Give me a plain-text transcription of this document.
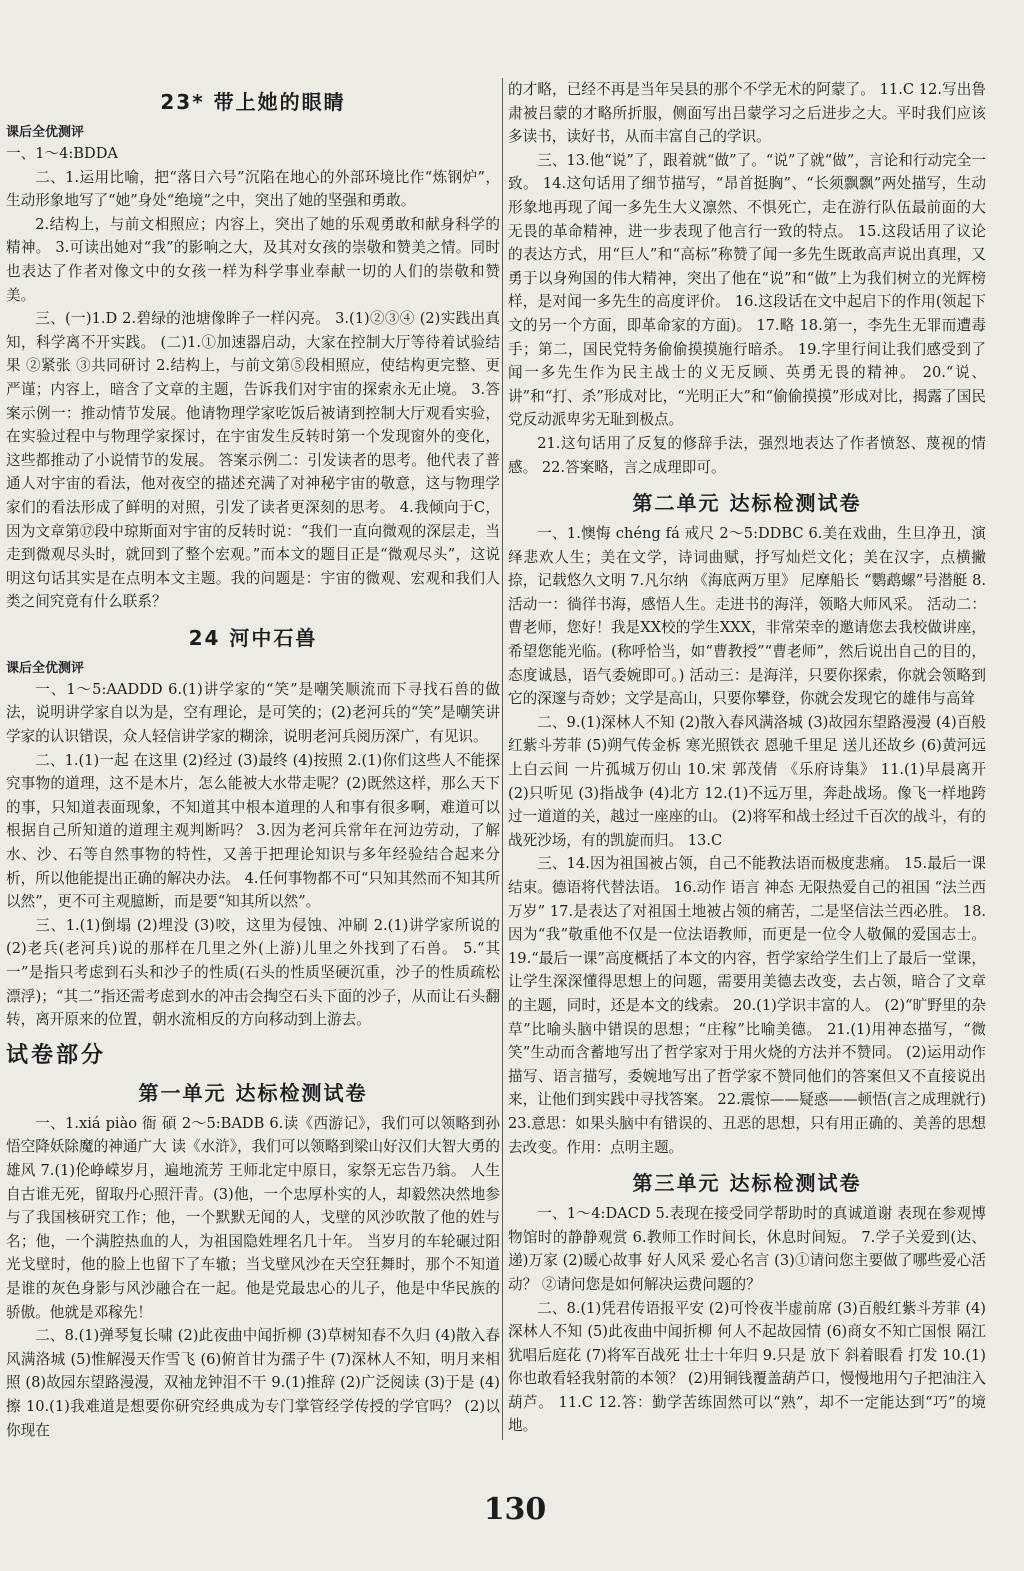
23* 带上她的眼睛
课后全优测评

一、1～4:BDDA

二、1.运用比喻，把“落日六号”沉陷在地心的外部环境比作“炼钢炉”，生动形象地写了“她”身处“绝境”之中，突出了她的坚强和勇敢。

2.结构上，与前文相照应；内容上，突出了她的乐观勇敢和献身科学的精神。 3.可读出她对“我”的影响之大，及其对女孩的崇敬和赞美之情。同时也表达了作者对像文中的女孩一样为科学事业奉献一切的人们的崇敬和赞美。

三、(一)1.D 2.碧绿的池塘像眸子一样闪亮。 3.(1)②③④ (2)实践出真知，科学离不开实践。 (二)1.①加速器启动，大家在控制大厅等待着试验结果 ②紧张 ③共同研讨 2.结构上，与前文第⑤段相照应，使结构更完整、更严谨；内容上，暗含了文章的主题，告诉我们对宇宙的探索永无止境。 3.答案示例一：推动情节发展。他请物理学家吃饭后被请到控制大厅观看实验，在实验过程中与物理学家探讨，在宇宙发生反转时第一个发现窗外的变化，这些都推动了小说情节的发展。 答案示例二：引发读者的思考。他代表了普通人对宇宙的看法，他对夜空的描述充满了对神秘宇宙的敬意，这与物理学家们的看法形成了鲜明的对照，引发了读者更深刻的思考。 4.我倾向于C，因为文章第⑰段中琼斯面对宇宙的反转时说：“我们一直向微观的深层走，当走到微观尽头时，就回到了整个宏观。”而本文的题目正是“微观尽头”，这说明这句话其实是在点明本文主题。我的问题是：宇宙的微观、宏观和我们人类之间究竟有什么联系？

24 河中石兽
课后全优测评

一、1～5:AADDD 6.(1)讲学家的“笑”是嘲笑顺流而下寻找石兽的做法，说明讲学家自以为是，空有理论，是可笑的；(2)老河兵的“笑”是嘲笑讲学家的认识错误，众人轻信讲学家的糊涂，说明老河兵阅历深广，有见识。

二、1.(1)一起 在这里 (2)经过 (3)最终 (4)按照 2.(1)你们这些人不能探究事物的道理，这不是木片，怎么能被大水带走呢？(2)既然这样，那么天下的事，只知道表面现象，不知道其中根本道理的人和事有很多啊，难道可以根据自己所知道的道理主观判断吗？ 3.因为老河兵常年在河边劳动，了解水、沙、石等自然事物的特性，又善于把理论知识与多年经验结合起来分析，所以他能提出正确的解决办法。 4.任何事物都不可“只知其然而不知其所以然”，更不可主观臆断，而是要“知其所以然”。

三、1.(1)倒塌 (2)埋没 (3)咬，这里为侵蚀、冲刷 2.(1)讲学家所说的 (2)老兵(老河兵)说的那样在几里之外(上游)儿里之外找到了石兽。 5.“其一”是指只考虑到石头和沙子的性质(石头的性质坚硬沉重，沙子的性质疏松漂浮)；“其二”指还需考虑到水的冲击会掏空石头下面的沙子，从而让石头翻转，离开原来的位置，朝水流相反的方向移动到上游去。

试卷部分
第一单元 达标检测试卷

一、1.xiá piào 衙 碩 2～5:BADB 6.读《西游记》，我们可以领略到孙悟空降妖除魔的神通广大 读《水浒》，我们可以领略到梁山好汉们大智大勇的雄风 7.(1)伦峥嵘岁月，遍地流芳 王师北定中原日，家祭无忘告乃翁。 人生自古谁无死，留取丹心照汗青。(3)他，一个忠厚朴实的人，却毅然决然地参与了我国核研究工作；他，一个默默无闻的人，戈壁的风沙吹散了他的姓与名；他，一个满腔热血的人，为祖国隐姓埋名几十年。 当岁月的车轮碾过阳光戈壁时，他的脸上也留下了车辙；当戈壁风沙在天空狂舞时，那个不知道是谁的灰色身影与风沙融合在一起。他是党最忠心的儿子，他是中华民族的骄傲。他就是邓稼先！

二、8.(1)弹琴复长啸 (2)此夜曲中闻折柳 (3)草树知春不久归 (4)散入春风满洛城 (5)惟解漫天作雪飞 (6)俯首甘为孺子牛 (7)深林人不知，明月来相照 (8)故园东望路漫漫，双袖龙钟泪不干 9.(1)推辞 (2)广泛阅读 (3)于是 (4)擦 10.(1)我难道是想要你研究经典成为专门掌管经学传授的学官吗？ (2)以你现在

的才略，已经不再是当年吴县的那个不学无术的阿蒙了。 11.C 12.写出鲁肃被吕蒙的才略所折服，侧面写出吕蒙学习之后进步之大。平时我们应该多读书，读好书，从而丰富自己的学识。

三、13.他“说”了，跟着就“做”了。“说”了就“做”，言论和行动完全一致。 14.这句话用了细节描写，“昂首挺胸”、“长须飘飘”两处描写，生动形象地再现了闻一多先生大义凛然、不惧死亡，走在游行队伍最前面的大无畏的革命精神，进一步表现了他言行一致的特点。 15.这段话用了议论的表达方式，用“巨人”和“高标”称赞了闻一多先生既敢高声说出真理，又勇于以身殉国的伟大精神，突出了他在“说”和“做”上为我们树立的光辉榜样，是对闻一多先生的高度评价。 16.这段话在文中起启下的作用(领起下文的另一个方面，即革命家的方面)。 17.略 18.第一，李先生无罪而遭毒手；第二，国民党特务偷偷摸摸施行暗杀。 19.字里行间让我们感受到了闻一多先生作为民主战士的义无反顾、英勇无畏的精神。 20.“说、讲”和“打、杀”形成对比，“光明正大”和“偷偷摸摸”形成对比，揭露了国民党反动派卑劣无耻到极点。

21.这句话用了反复的修辞手法，强烈地表达了作者愤怒、蔑视的情感。 22.答案略，言之成理即可。

第二单元 达标检测试卷

一、1.懊悔 chéng fá 戒尺 2～5:DDBC 6.美在戏曲，生旦净丑，演绎悲欢人生；美在文学，诗词曲赋，抒写灿烂文化；美在汉字，点横撇捺，记载悠久文明 7.凡尔纳 《海底两万里》 尼摩船长 “鹦鹉螺”号潜艇 8.活动一：徜徉书海，感悟人生。走进书的海洋，领略大师风采。 活动二：曹老师，您好！我是XX校的学生XXX，非常荣幸的邀请您去我校做讲座，希望您能光临。(称呼恰当，如“曹教授”“曹老师”，然后说出自己的目的，态度诚恳，语气委婉即可。) 活动三：是海洋，只要你探索，你就会领略到它的深邃与奇妙；文学是高山，只要你攀登，你就会发现它的雄伟与高耸

二、9.(1)深林人不知 (2)散入春风满洛城 (3)故园东望路漫漫 (4)百般红紫斗芳菲 (5)朔气传金柝 寒光照铁衣 恩驰千里足 送儿还故乡 (6)黄河远上白云间 一片孤城万仞山 10.宋 郭茂倩 《乐府诗集》 11.(1)早晨离开 (2)只听见 (3)指战争 (4)北方 12.(1)不远万里，奔赴战场。像飞一样地跨过一道道的关，越过一座座的山。 (2)将军和战士经过千百次的战斗，有的战死沙场，有的凯旋而归。 13.C

三、14.因为祖国被占领，自己不能教法语而极度悲痛。 15.最后一课结束。德语将代替法语。 16.动作 语言 神态 无限热爱自己的祖国 “法兰西万岁” 17.是表达了对祖国土地被占领的痛苦，二是坚信法兰西必胜。 18.因为“我”敬重他不仅是一位法语教师，而更是一位令人敬佩的爱国志士。 19.“最后一课”高度概括了本文的内容，哲学家给学生们上了最后一堂课，让学生深深懂得思想上的问题，需要用美德去改变，去占领，暗合了文章的主题，同时，还是本文的线索。 20.(1)学识丰富的人。 (2)“旷野里的杂草”比喻头脑中错误的思想；“庄稼”比喻美德。 21.(1)用神态描写，“微笑”生动而含蓄地写出了哲学家对于用火烧的方法并不赞同。 (2)运用动作描写、语言描写，委婉地写出了哲学家不赞同他们的答案但又不直接说出来，让他们到实践中寻找答案。 22.震惊——疑惑——顿悟(言之成理就行) 23.意思：如果头脑中有错误的、丑恶的思想，只有用正确的、美善的思想去改变。作用：点明主题。

第三单元 达标检测试卷

一、1～4:DACD 5.表现在接受同学帮助时的真诚道谢 表现在参观博物馆时的静静观赏 6.教师工作时间长，休息时间短。 7.学子关爱到(达、递)万家 (2)暖心故事 好人风采 爱心名言 (3)①请问您主要做了哪些爱心活动？ ②请问您是如何解决运费问题的？

二、8.(1)凭君传语报平安 (2)可怜夜半虚前席 (3)百般红紫斗芳菲 (4)深林人不知 (5)此夜曲中闻折柳 何人不起故园情 (6)商女不知亡国恨 隔江犹唱后庭花 (7)将军百战死 壮士十年归 9.只是 放下 斜着眼看 打发 10.(1)你也敢看轻我射箭的本领？ (2)用铜钱覆盖葫芦口，慢慢地用勺子把油注入葫芦。 11.C 12.答：勤学苦练固然可以“熟”，却不一定能达到“巧”的境地。

130
